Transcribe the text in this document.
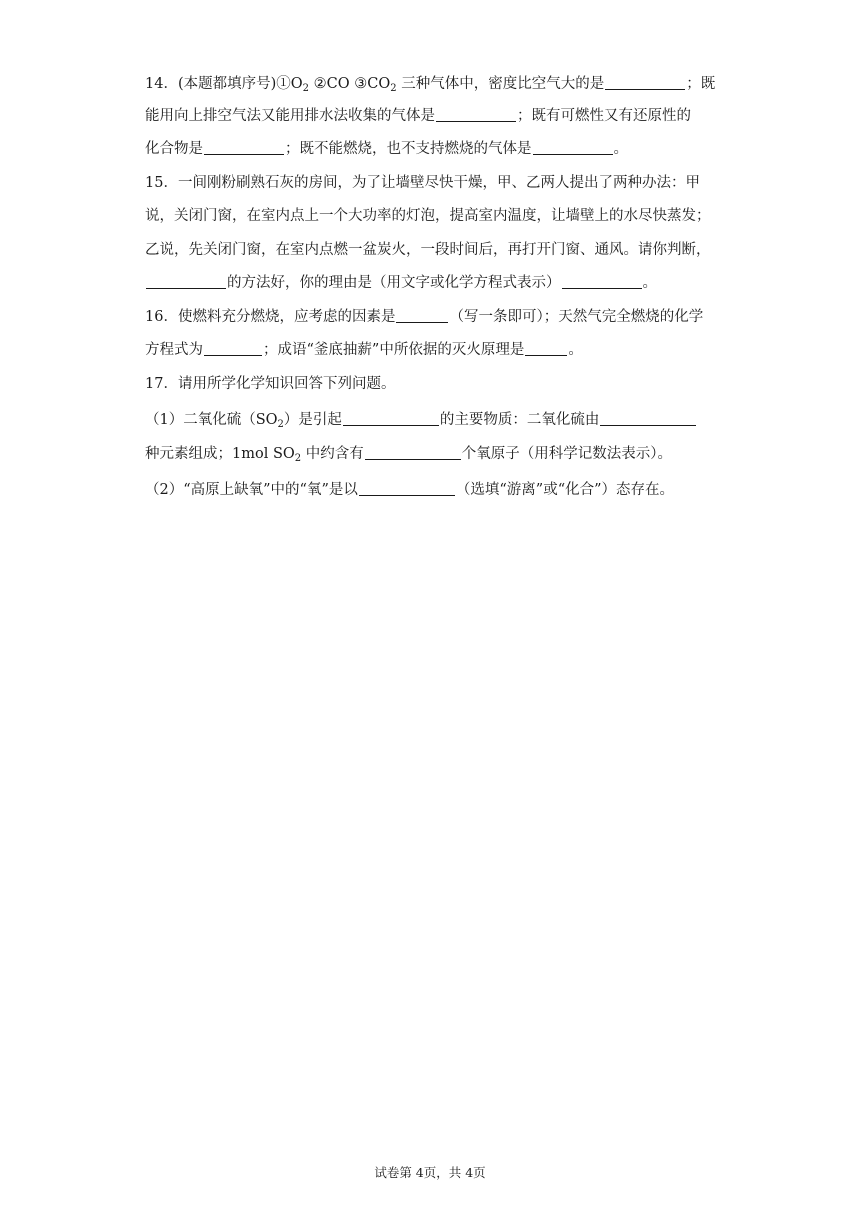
14．(本题都填序号)$①O_2$ ②CO $③CO_2$ 三种气体中，密度比空气大的是	；既
能用向上排空气法又能用排水法收集的气体是	；既有可燃性又有还原性的
化合物是	；既不能燃烧，也不支持燃烧的气体是	。
15．一间刚粉刷熟石灰的房间，为了让墙壁尽快干燥，甲、乙两人提出了两种办法：甲
说，关闭门窗，在室内点上一个大功率的灯泡，提高室内温度，让墙壁上的水尽快蒸发；
乙说，先关闭门窗，在室内点燃一盆炭火，一段时间后，再打开门窗、通风。请你判断，
的方法好，你的理由是（用文字或化学方程式表示）	。
16．使燃料充分燃烧，应考虑的因素是	（写一条即可）；天然气完全燃烧的化学
方程式为	；成语“釜底抽薪”中所依据的灭火原理是	。
17．请用所学化学知识回答下列问题。
（1）二氧化硫$(SO_2)$是引起	的主要物质：二氧化硫由
种元素组成；1mol $SO_2$ 中约含有	个氧原子（用科学记数法表示）。
（2）“高原上缺氧”中的“氧”是以	（选填“游离”或“化合”）态存在。
试卷第 4页，共 4页
